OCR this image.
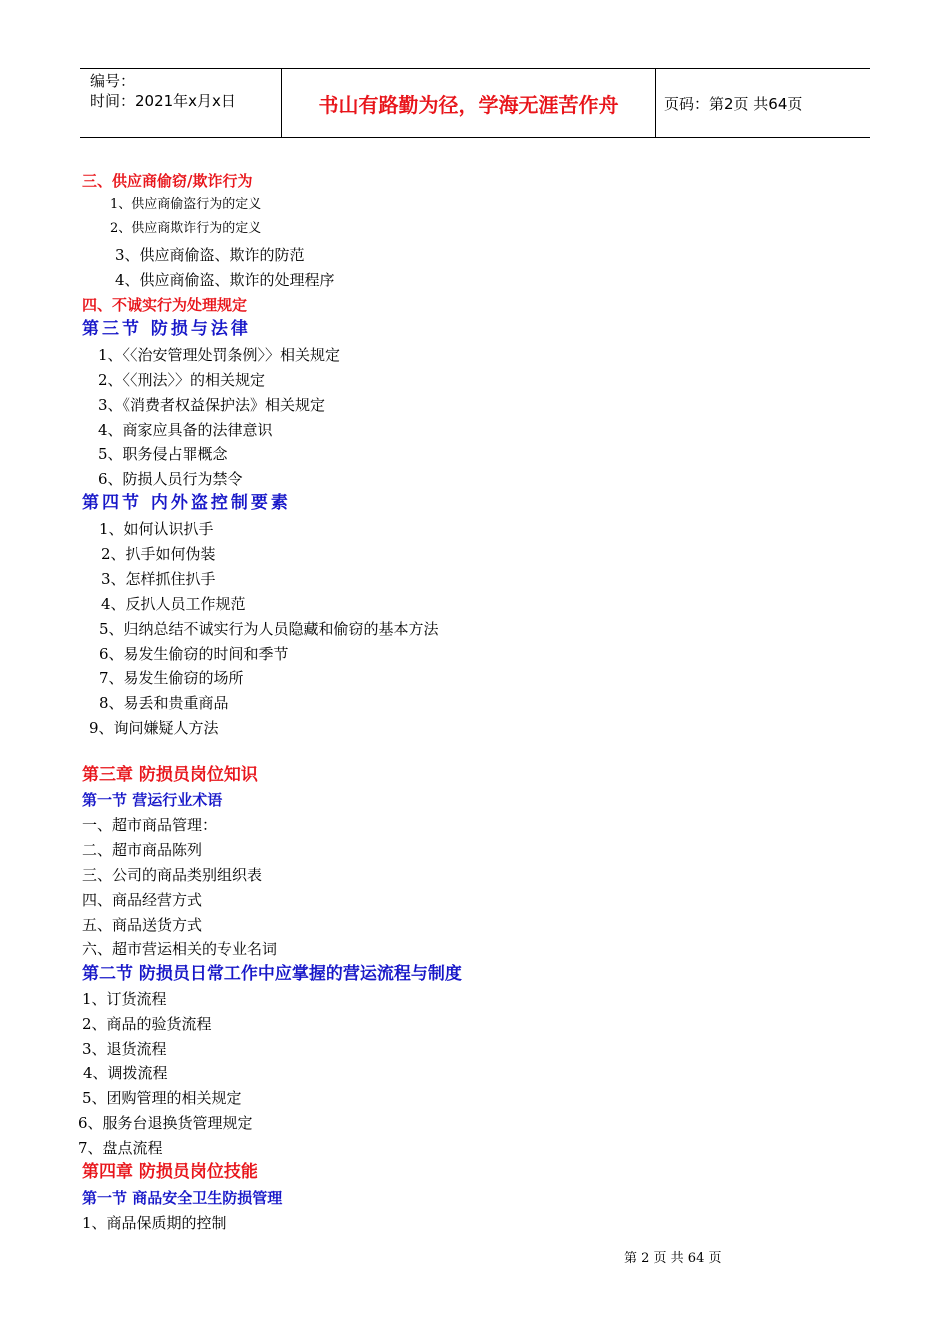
编号：
时间：2021年x月x日	书山有路勤为径，学海无涯苦作舟	页码：第2页 共64页
三、供应商偷窃/欺诈行为
1、供应商偷盗行为的定义
2、供应商欺诈行为的定义
3、供应商偷盗、欺诈的防范
4、供应商偷盗、欺诈的处理程序
四、不诚实行为处理规定
第三节 防损与法律
1、〈〈治安管理处罚条例〉〉相关规定
2、〈〈刑法〉〉的相关规定
3、《消费者权益保护法》相关规定
4、商家应具备的法律意识
5、职务侵占罪概念
6、防损人员行为禁令
第四节 内外盗控制要素
1、如何认识扒手
2、扒手如何伪装
3、怎样抓住扒手
4、反扒人员工作规范
5、归纳总结不诚实行为人员隐藏和偷窃的基本方法
6、易发生偷窃的时间和季节
7、易发生偷窃的场所
8、易丢和贵重商品
9、询问嫌疑人方法
第三章 防损员岗位知识
第一节 营运行业术语
一、超市商品管理：
二、超市商品陈列
三、公司的商品类别组织表
四、商品经营方式
五、商品送货方式
六、超市营运相关的专业名词
第二节 防损员日常工作中应掌握的营运流程与制度
1、订货流程
2、商品的验货流程
3、退货流程
4、调拨流程
5、团购管理的相关规定
6、服务台退换货管理规定
7、盘点流程
第四章 防损员岗位技能
第一节 商品安全卫生防损管理
1、商品保质期的控制
第 2 页 共 64 页
